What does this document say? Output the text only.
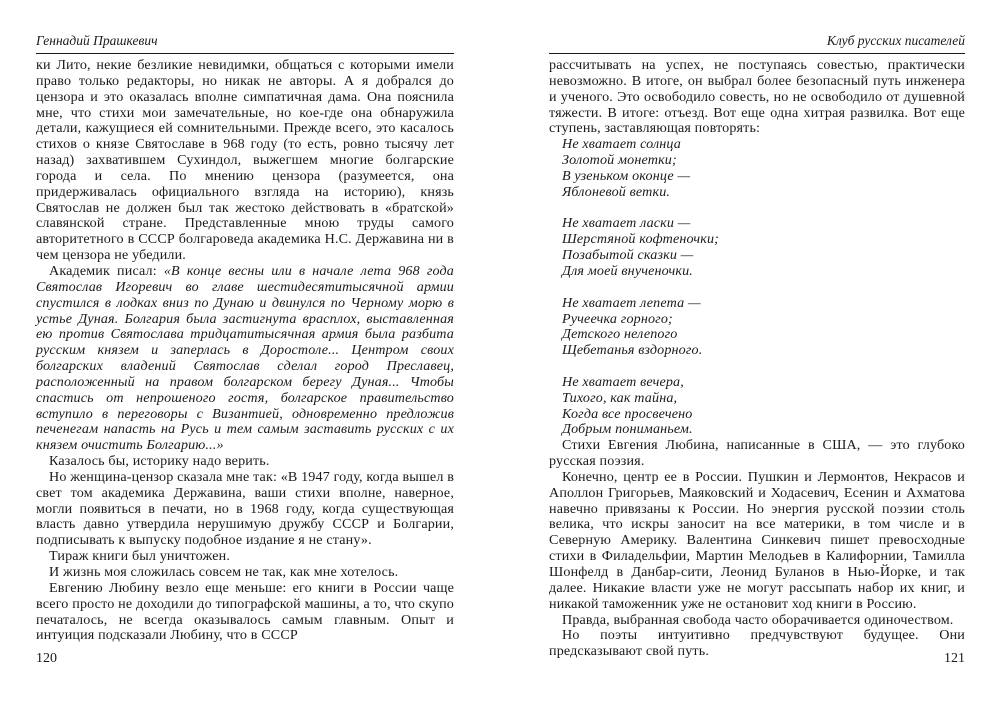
Геннадий Прашкевич

ки Лито, некие безликие невидимки, общаться с которыми имели право только редакторы, но никак не авторы. А я добрался до цензора и это оказалась вполне симпатичная дама. Она пояснила мне, что стихи мои замечательные, но кое-где она обнаружила детали, кажущиеся ей сомнительными. Прежде всего, это касалось стихов о князе Святославе в 968 году (то есть, ровно тысячу лет назад) захватившем Сухиндол, выжегшем многие болгарские города и села. По мнению цензора (разумеется, она придерживалась официального взгляда на историю), князь Святослав не должен был так жестоко действовать в «братской» славянской стране. Представленные мною труды самого авторитетного в СССР болгароведа академика Н.С. Державина ни в чем цензора не убедили.

Академик писал: «В конце весны или в начале лета 968 года Святослав Игоревич во главе шестидесятитысячной армии спустился в лодках вниз по Дунаю и двинулся по Черному морю в устье Дуная. Болгария была застигнута врасплох, выставленная ею против Святослава тридцатитысячная армия была разбита русским князем и заперлась в Доростоле... Центром своих болгарских владений Святослав сделал город Преславец, расположенный на правом болгарском берегу Дуная... Чтобы спастись от непрошеного гостя, болгарское правительство вступило в переговоры с Византией, одновременно предложив печенегам напасть на Русь и тем самым заставить русских с их князем очистить Болгарию...»

Казалось бы, историку надо верить.

Но женщина-цензор сказала мне так: «В 1947 году, когда вышел в свет том академика Державина, ваши стихи вполне, наверное, могли появиться в печати, но в 1968 году, когда существующая власть давно утвердила нерушимую дружбу СССР и Болгарии, подписывать к выпуску подобное издание я не стану».

Тираж книги был уничтожен.

И жизнь моя сложилась совсем не так, как мне хотелось.

Евгению Любину везло еще меньше: его книги в России чаще всего просто не доходили до типографской машины, а то, что скупо печаталось, не всегда оказывалось самым главным. Опыт и интуиция подсказали Любину, что в СССР

120
Клуб русских писателей

рассчитывать на успех, не поступаясь совестью, практически невозможно. В итоге, он выбрал более безопасный путь инженера и ученого. Это освободило совесть, но не освободило от душевной тяжести. В итоге: отъезд. Вот еще одна хитрая развилка. Вот еще ступень, заставляющая повторять:

Не хватает солнца
Золотой монетки;
В узеньком оконце —
Яблоневой ветки.
Не хватает ласки —
Шерстяной кофтеночки;
Позабытой сказки —
Для моей внученочки.
Не хватает лепета —
Ручеечка горного;
Детского нелепого
Щебетанья вздорного.
Не хватает вечера,
Тихого, как тайна,
Когда все просвечено
Добрым пониманьем.

Стихи Евгения Любина, написанные в США, — это глубоко русская поэзия.

Конечно, центр ее в России. Пушкин и Лермонтов, Некрасов и Аполлон Григорьев, Маяковский и Ходасевич, Есенин и Ахматова навечно привязаны к России. Но энергия русской поэзии столь велика, что искры заносит на все материки, в том числе и в Северную Америку. Валентина Синкевич пишет превосходные стихи в Филадельфии, Мартин Мелодьев в Калифорнии, Тамилла Шонфелд в Данбар-сити, Леонид Буланов в Нью-Йорке, и так далее. Никакие власти уже не могут рассыпать набор их книг, и никакой таможенник уже не остановит ход книги в Россию.

Правда, выбранная свобода часто оборачивается одиночеством.

Но поэты интуитивно предчувствуют будущее. Они предсказывают свой путь.	121
